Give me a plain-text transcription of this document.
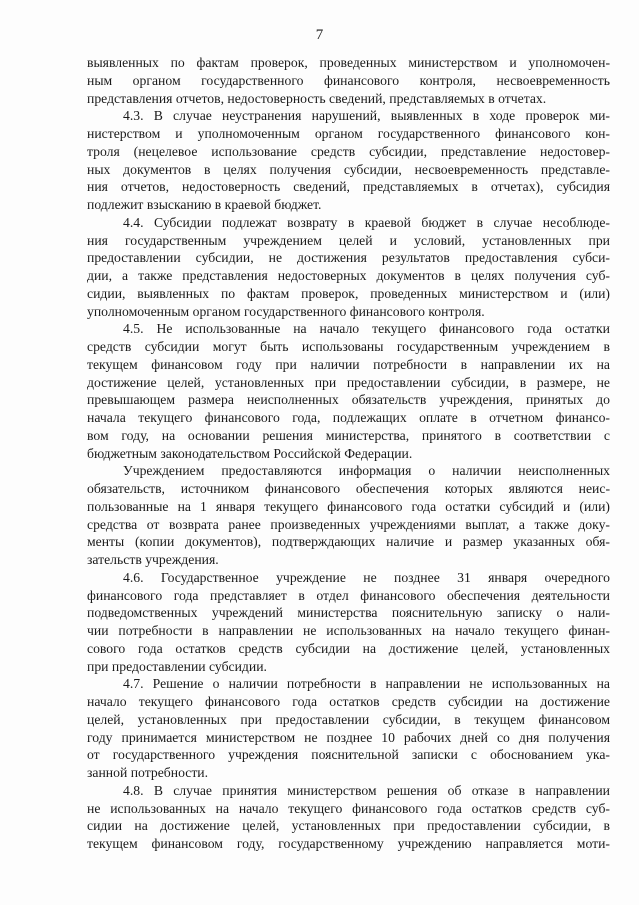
7
выявленных по фактам проверок, проведенных министерством и уполномочен-
ным органом государственного финансового контроля, несвоевременность
представления отчетов, недостоверность сведений, представляемых в отчетах.
4.3. В случае неустранения нарушений, выявленных в ходе проверок ми-
нистерством и уполномоченным органом государственного финансового кон-
троля (нецелевое использование средств субсидии, представление недостовер-
ных документов в целях получения субсидии, несвоевременность представле-
ния отчетов, недостоверность сведений, представляемых в отчетах), субсидия
подлежит взысканию в краевой бюджет.
4.4. Субсидии подлежат возврату в краевой бюджет в случае несоблюде-
ния государственным учреждением целей и условий, установленных при
предоставлении субсидии, не достижения результатов предоставления субси-
дии, а также представления недостоверных документов в целях получения суб-
сидии, выявленных по фактам проверок, проведенных министерством и (или)
уполномоченным органом государственного финансового контроля.
4.5. Не использованные на начало текущего финансового года остатки
средств субсидии могут быть использованы государственным учреждением в
текущем финансовом году при наличии потребности в направлении их на
достижение целей, установленных при предоставлении субсидии, в размере, не
превышающем размера неисполненных обязательств учреждения, принятых до
начала текущего финансового года, подлежащих оплате в отчетном финансо-
вом году, на основании решения министерства, принятого в соответствии с
бюджетным законодательством Российской Федерации.
Учреждением предоставляются информация о наличии неисполненных
обязательств, источником финансового обеспечения которых являются неис-
пользованные на 1 января текущего финансового года остатки субсидий и (или)
средства от возврата ранее произведенных учреждениями выплат, а также доку-
менты (копии документов), подтверждающих наличие и размер указанных обя-
зательств учреждения.
4.6. Государственное учреждение не позднее 31 января очередного
финансового года представляет в отдел финансового обеспечения деятельности
подведомственных учреждений министерства пояснительную записку о нали-
чии потребности в направлении не использованных на начало текущего финан-
сового года остатков средств субсидии на достижение целей, установленных
при предоставлении субсидии.
4.7. Решение о наличии потребности в направлении не использованных на
начало текущего финансового года остатков средств субсидии на достижение
целей, установленных при предоставлении субсидии, в текущем финансовом
году принимается министерством не позднее 10 рабочих дней со дня получения
от государственного учреждения пояснительной записки с обоснованием ука-
занной потребности.
4.8. В случае принятия министерством решения об отказе в направлении
не использованных на начало текущего финансового года остатков средств суб-
сидии на достижение целей, установленных при предоставлении субсидии, в
текущем финансовом году, государственному учреждению направляется моти-
